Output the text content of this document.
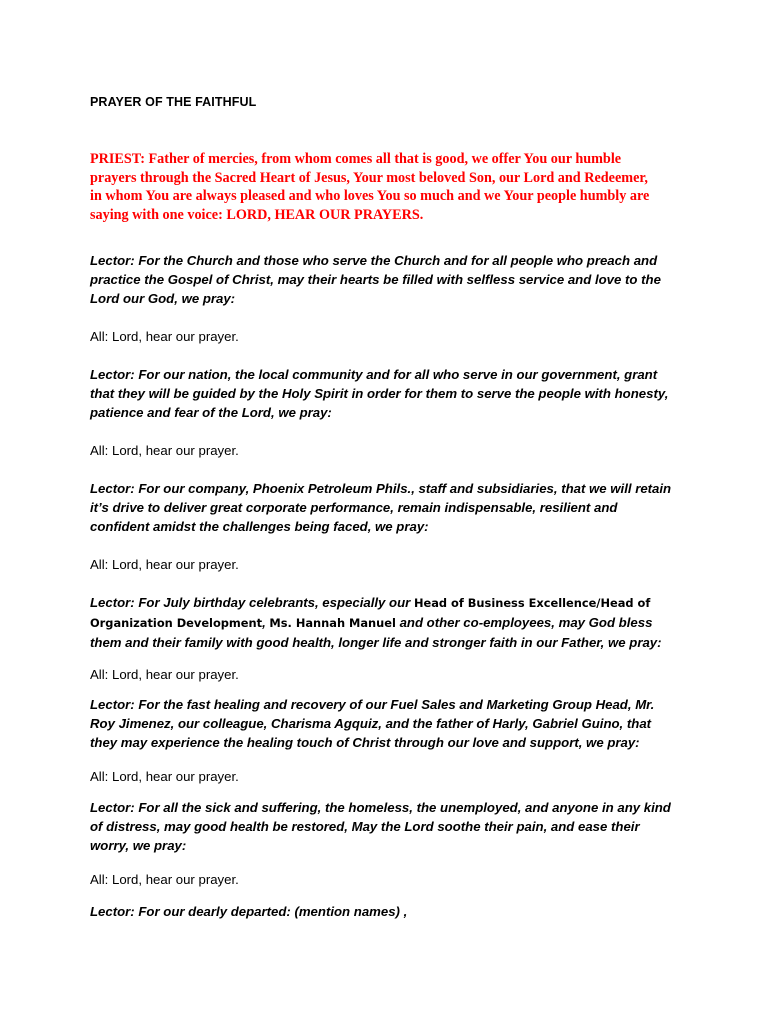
PRAYER OF THE FAITHFUL
PRIEST: Father of mercies, from whom comes all that is good, we offer You our humble
prayers through the Sacred Heart of Jesus, Your most beloved Son, our Lord and Redeemer,
in whom You are always pleased and who loves You so much and we Your people humbly are
saying with one voice: LORD, HEAR OUR PRAYERS.
Lector: For the Church and those who serve the Church and for all people who preach and
practice the Gospel of Christ, may their hearts be filled with selfless service and love to the
Lord our God, we pray:
All: Lord, hear our prayer.
Lector: For our nation, the local community and for all who serve in our government, grant
that they will be guided by the Holy Spirit in order for them to serve the people with honesty,
patience and fear of the Lord, we pray:
All: Lord, hear our prayer.
Lector: For our company, Phoenix Petroleum Phils., staff and subsidiaries, that we will retain
it’s drive to deliver great corporate performance, remain indispensable, resilient and
confident amidst the challenges being faced, we pray:
All: Lord, hear our prayer.
Lector: For July birthday celebrants, especially our Head of Business Excellence/Head of
Organization Development, Ms. Hannah Manuel and other co-employees, may God bless
them and their family with good health, longer life and stronger faith in our Father, we pray:
All: Lord, hear our prayer.
Lector: For the fast healing and recovery of our Fuel Sales and Marketing Group Head, Mr.
Roy Jimenez, our colleague, Charisma Agquiz, and the father of Harly, Gabriel Guino, that
they may experience the healing touch of Christ through our love and support, we pray:
All: Lord, hear our prayer.
Lector: For all the sick and suffering, the homeless, the unemployed, and anyone in any kind
of distress, may good health be restored, May the Lord soothe their pain, and ease their
worry, we pray:
All: Lord, hear our prayer.
Lector: For our dearly departed: (mention names) ,
